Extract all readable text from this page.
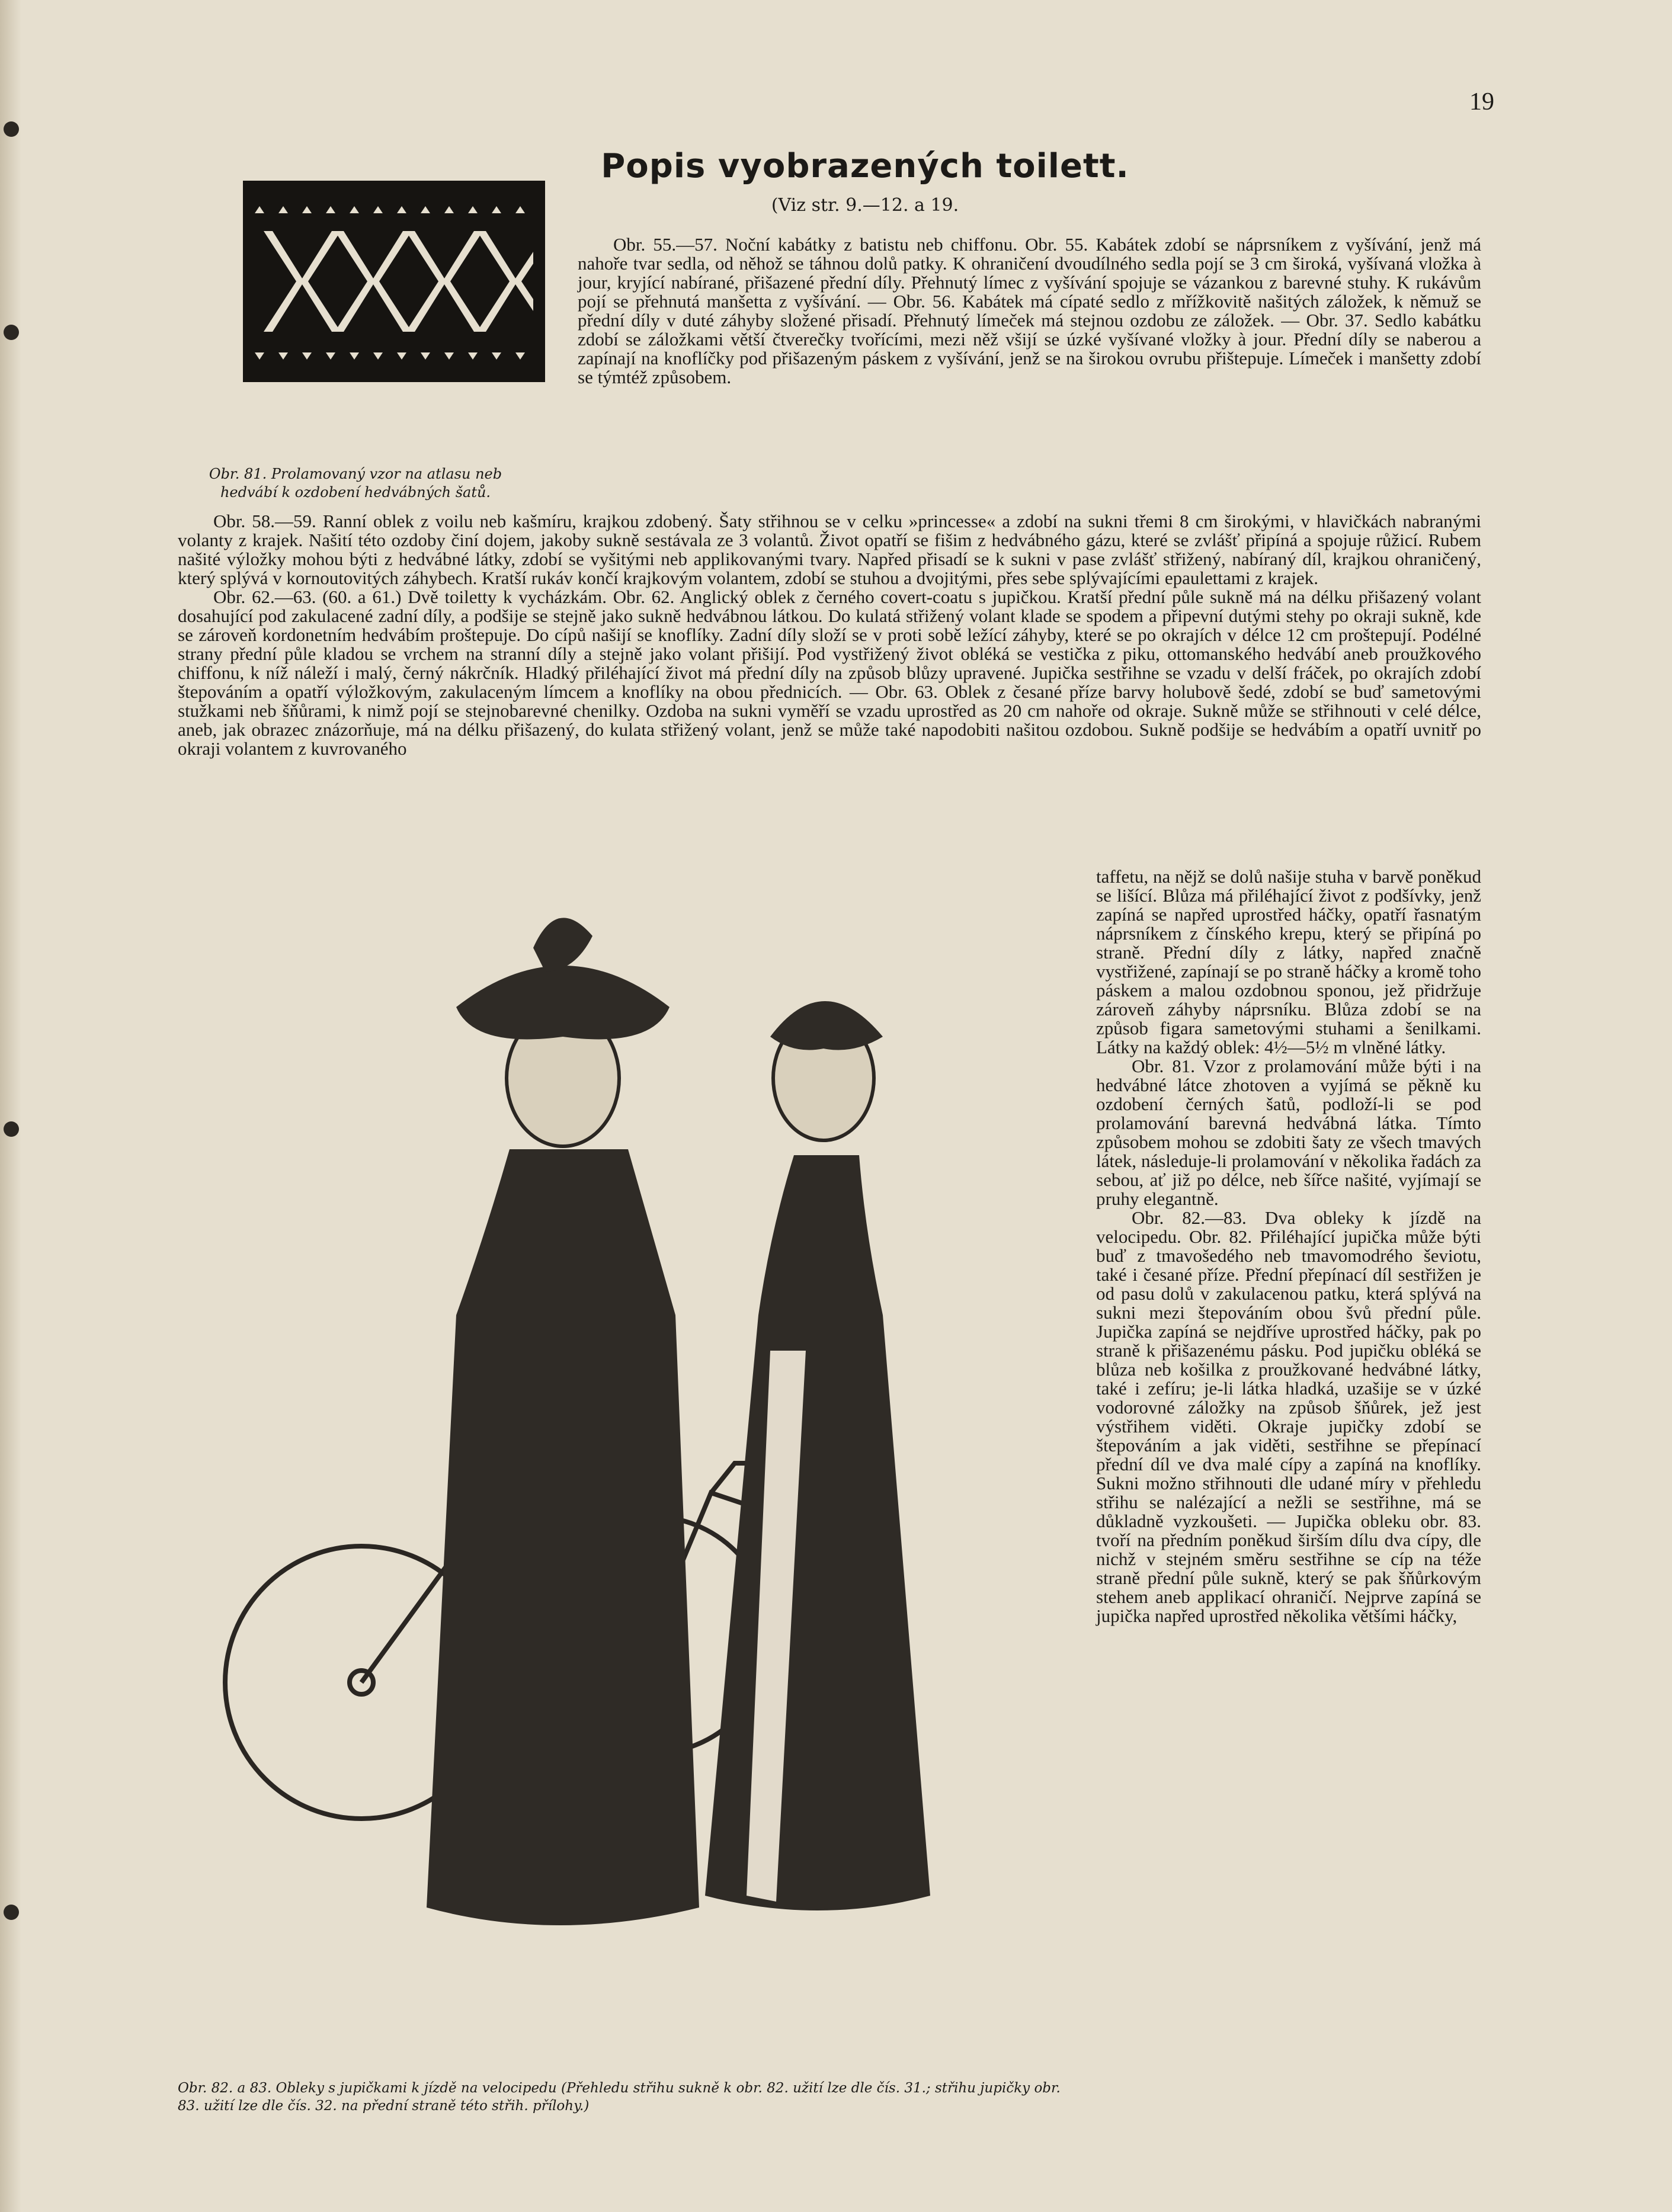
19
Popis vyobrazených toilett.
(Viz str. 9.—12. a 19.
Obr. 81. Prolamovaný vzor na atlasu neb hedvábí k ozdobení hedvábných šatů.

Obr. 55.—57. Noční kabátky z batistu neb chiffonu. Obr. 55. Kabátek zdobí se náprsníkem z vyšívání, jenž má nahoře tvar sedla, od něhož se táhnou dolů patky. K ohraničení dvoudílného sedla pojí se 3 cm široká, vyšívaná vložka à jour, kryjící nabírané, přišazené přední díly. Přehnutý límec z vyšívání spojuje se vázankou z barevné stuhy. K rukávům pojí se přehnutá manšetta z vyšívání. — Obr. 56. Kabátek má cípaté sedlo z mřížkovitě našitých záložek, k němuž se přední díly v duté záhyby složené přisadí. Přehnutý límeček má stejnou ozdobu ze záložek. — Obr. 37. Sedlo kabátku zdobí se záložkami větší čtverečky tvořícími, mezi něž všijí se úzké vyšívané vložky à jour. Přední díly se naberou a zapínají na knoflíčky pod přišazeným páskem z vyšívání, jenž se na širokou ovrubu přištepuje. Límeček i manšetty zdobí se týmtéž způsobem.

Obr. 58.—59. Ranní oblek z voilu neb kašmíru, krajkou zdobený. Šaty střihnou se v celku »princesse« a zdobí na sukni třemi 8 cm širokými, v hlavičkách nabranými volanty z krajek. Našití této ozdoby činí dojem, jakoby sukně sestávala ze 3 volantů. Život opatří se fišim z hedvábného gázu, které se zvlášť připíná a spojuje růžicí. Rubem našité výložky mohou býti z hedvábné látky, zdobí se vyšitými neb applikovanými tvary. Napřed přisadí se k sukni v pase zvlášť střižený, nabíraný díl, krajkou ohraničený, který splývá v kornoutovitých záhybech. Kratší rukáv končí krajkovým volantem, zdobí se stuhou a dvojitými, přes sebe splývajícími epaulettami z krajek.

Obr. 62.—63. (60. a 61.) Dvě toiletty k vycházkám. Obr. 62. Anglický oblek z černého covert-coatu s jupičkou. Kratší přední půle sukně má na délku přišazený volant dosahující pod zakulacené zadní díly, a podšije se stejně jako sukně hedvábnou látkou. Do kulatá střižený volant klade se spodem a připevní dutými stehy po okraji sukně, kde se zároveň kordonetním hedvábím proštepuje. Do cípů našijí se knoflíky. Zadní díly složí se v proti sobě ležící záhyby, které se po okrajích v délce 12 cm proštepují. Podélné strany přední půle kladou se vrchem na stranní díly a stejně jako volant přišijí. Pod vystřižený život obléká se vestička z piku, ottomanského hedvábí aneb proužkového chiffonu, k níž náleží i malý, černý nákrčník. Hladký přiléhající život má přední díly na způsob blůzy upravené. Jupička sestřihne se vzadu v delší fráček, po okrajích zdobí štepováním a opatří výložkovým, zakulaceným límcem a knoflíky na obou přednicích. — Obr. 63. Oblek z česané příze barvy holubově šedé, zdobí se buď sametovými stužkami neb šňůrami, k nimž pojí se stejnobarevné chenilky. Ozdoba na sukni vyměří se vzadu uprostřed as 20 cm nahoře od okraje. Sukně může se střihnouti v celé délce, aneb, jak obrazec znázorňuje, má na délku přišazený, do kulata střižený volant, jenž se může také napodobiti našitou ozdobou. Sukně podšije se hedvábím a opatří uvnitř po okraji volantem z kuvrovaného

taffetu, na nějž se dolů našije stuha v barvě poněkud se lišící. Blůza má přiléhající život z podšívky, jenž zapíná se napřed uprostřed háčky, opatří řasnatým náprsníkem z čínského krepu, který se připíná po straně. Přední díly z látky, napřed značně vystřižené, zapínají se po straně háčky a kromě toho páskem a malou ozdobnou sponou, jež přidržuje zároveň záhyby náprsníku. Blůza zdobí se na způsob figara sametovými stuhami a šenilkami. Látky na každý oblek: 4½—5½ m vlněné látky.

Obr. 81. Vzor z prolamování může býti i na hedvábné látce zhotoven a vyjímá se pěkně ku ozdobení černých šatů, podloží-li se pod prolamování barevná hedvábná látka. Tímto způsobem mohou se zdobiti šaty ze všech tmavých látek, následuje-li prolamování v několika řadách za sebou, ať již po délce, neb šířce našité, vyjímají se pruhy elegantně.

Obr. 82.—83. Dva obleky k jízdě na velocipedu. Obr. 82. Přiléhající jupička může býti buď z tmavošedého neb tmavomodrého ševiotu, také i česané příze. Přední přepínací díl sestřižen je od pasu dolů v zakulacenou patku, která splývá na sukni mezi štepováním obou švů přední půle. Jupička zapíná se nejdříve uprostřed háčky, pak po straně k přišazenému pásku. Pod jupičku obléká se blůza neb košilka z proužkované hedvábné látky, také i zefíru; je-li látka hladká, uzašije se v úzké vodorovné záložky na způsob šňůrek, jež jest výstřihem viděti. Okraje jupičky zdobí se štepováním a jak viděti, sestřihne se přepínací přední díl ve dva malé cípy a zapíná na knoflíky. Sukni možno střihnouti dle udané míry v přehledu střihu se nalézající a nežli se sestřihne, má se důkladně vyzkoušeti. — Jupička obleku obr. 83. tvoří na předním poněkud širším dílu dva cípy, dle nichž v stejném směru sestřihne se cíp na téže straně přední půle sukně, který se pak šňůrkovým stehem aneb applikací ohraničí. Nejprve zapíná se jupička napřed uprostřed několika většími háčky,

Obr. 82. a 83. Obleky s jupičkami k jízdě na velocipedu (Přehledu střihu sukně k obr. 82. užití lze dle čís. 31.; střihu jupičky obr. 83. užití lze dle čís. 32. na přední straně této střih. přílohy.)
